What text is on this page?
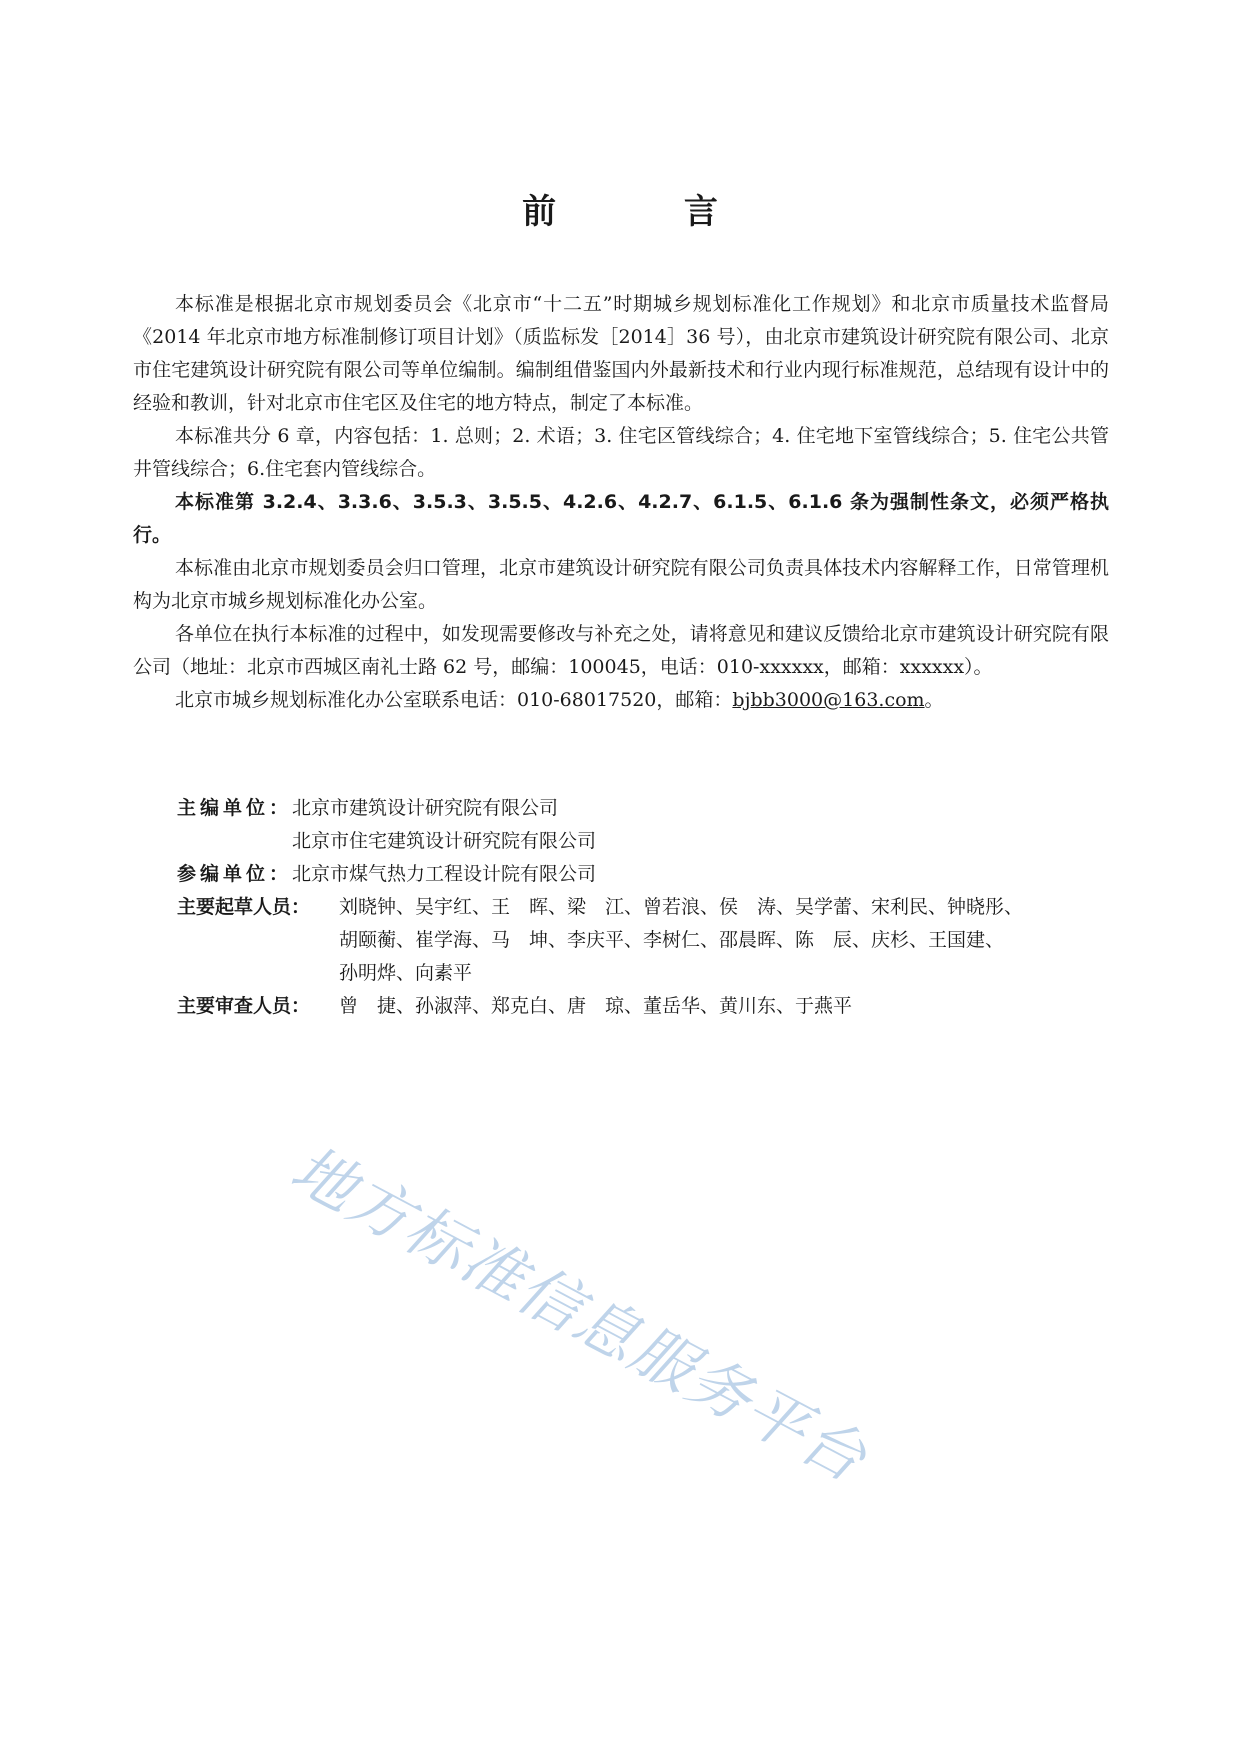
前 言

本标准是根据北京市规划委员会《北京市“十二五”时期城乡规划标准化工作规划》和北京市质量技术监督局《2014 年北京市地方标准制修订项目计划》（质监标发［2014］36 号），由北京市建筑设计研究院有限公司、北京市住宅建筑设计研究院有限公司等单位编制。编制组借鉴国内外最新技术和行业内现行标准规范，总结现有设计中的经验和教训，针对北京市住宅区及住宅的地方特点，制定了本标准。

本标准共分 6 章，内容包括：1. 总则；2. 术语；3. 住宅区管线综合；4. 住宅地下室管线综合；5. 住宅公共管井管线综合；6.住宅套内管线综合。

本标准第 3.2.4、3.3.6、3.5.3、3.5.5、4.2.6、4.2.7、6.1.5、6.1.6 条为强制性条文，必须严格执行。

本标准由北京市规划委员会归口管理，北京市建筑设计研究院有限公司负责具体技术内容解释工作，日常管理机构为北京市城乡规划标准化办公室。

各单位在执行本标准的过程中，如发现需要修改与补充之处，请将意见和建议反馈给北京市建筑设计研究院有限公司（地址：北京市西城区南礼士路 62 号，邮编：100045，电话：010-xxxxxx，邮箱：xxxxxx）。

北京市城乡规划标准化办公室联系电话：010-68017520，邮箱：bjbb3000@163.com。

主编单位： 北京市建筑设计研究院有限公司
北京市住宅建筑设计研究院有限公司
参编单位： 北京市煤气热力工程设计院有限公司
主要起草人员：	刘晓钟、吴宇红、王　晖、梁　江、曾若浪、侯　涛、吴学蕾、宋利民、钟晓彤、
胡颐蘅、崔学海、马　坤、李庆平、李树仁、邵晨晖、陈　辰、庆杉、王国建、
孙明烨、向素平
主要审查人员：	曾　捷、孙淑萍、郑克白、唐　琼、董岳华、黄川东、于燕平
地方标准信息服务平台
